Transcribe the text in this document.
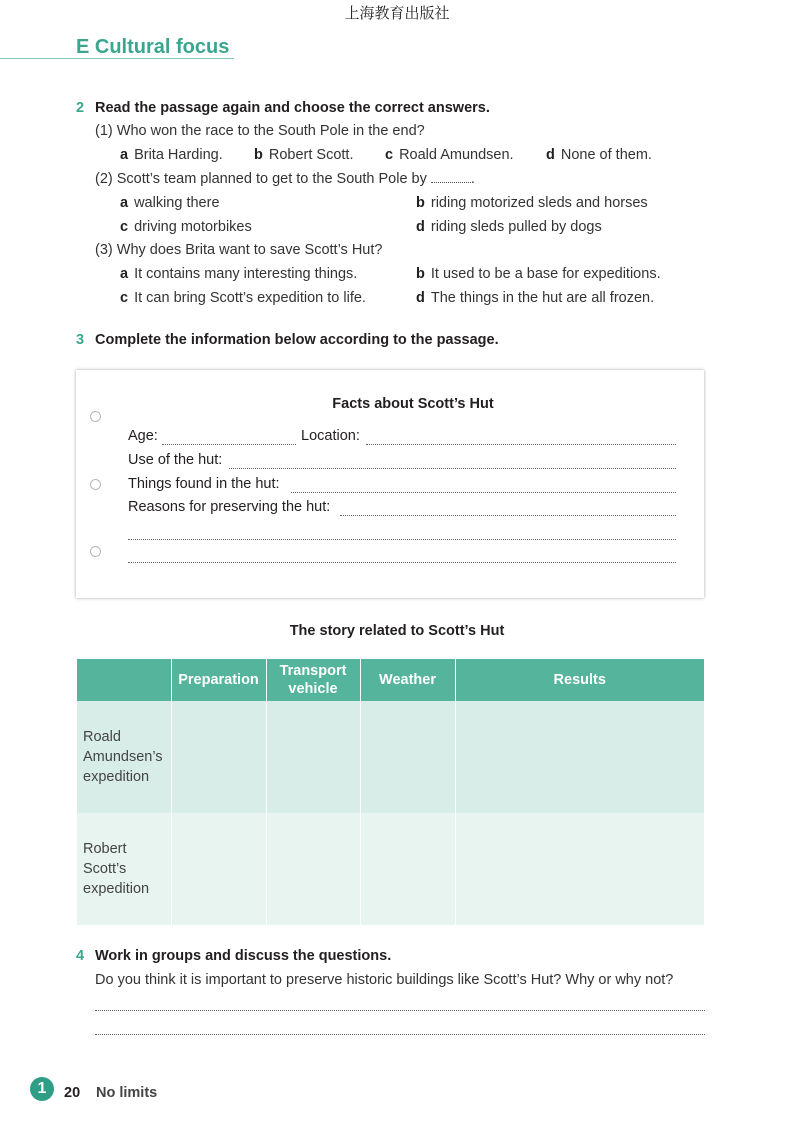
上海教育出版社
E Cultural focus
2 Read the passage again and choose the correct answers.
(1) Who won the race to the South Pole in the end?
a Brita Harding. b Robert Scott. c Roald Amundsen. d None of them.
(2) Scott’s team planned to get to the South Pole by	.
a walking there	b riding motorized sleds and horses
c driving motorbikes	d riding sleds pulled by dogs
(3) Why does Brita want to save Scott’s Hut?
a It contains many interesting things.	b It used to be a base for expeditions.
c It can bring Scott’s expedition to life.	d The things in the hut are all frozen.
3 Complete the information below according to the passage.
Facts about Scott’s Hut
Age:	Location:
Use of the hut:
Things found in the hut:
Reasons for preserving the hut:
The story related to Scott’s Hut
	Preparation	Transport vehicle	Weather	Results
Roald Amundsen’s expedition				
Robert Scott’s expedition				
4 Work in groups and discuss the questions.
Do you think it is important to preserve historic buildings like Scott’s Hut? Why or why not?
1	20 No limits
